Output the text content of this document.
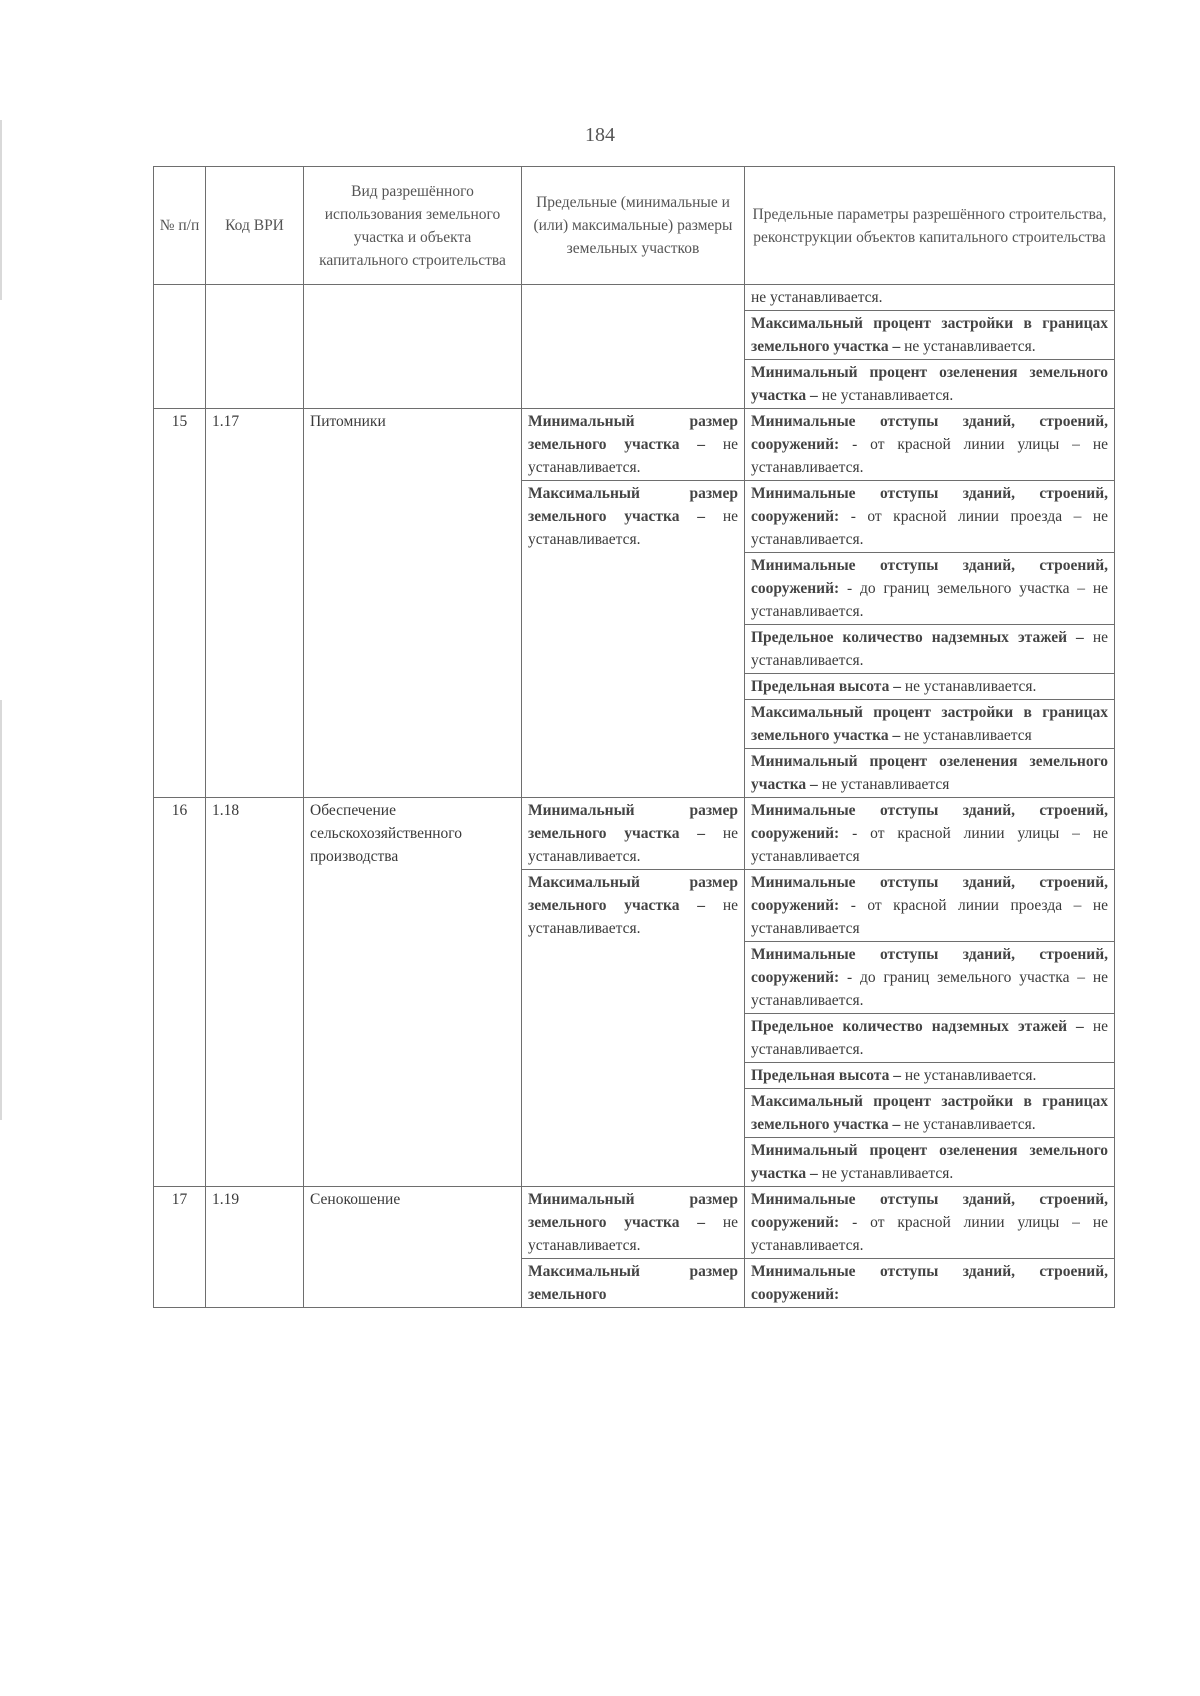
184
№ п/п	Код ВРИ	Вид разрешённого использования земельного участка и объекта капитального строительства	Предельные (минимальные и (или) максимальные) размеры земельных участков	Предельные параметры разрешённого строительства, реконструкции объектов капитального строительства
				не устанавливается.
				Максимальный процент застройки в границах земельного участка – не устанавливается.
				Минимальный процент озеленения земельного участка – не устанавливается.
15	1.17	Питомники	Минимальный размер земельного участка – не устанавливается.	Минимальные отступы зданий, строений, сооружений: - от красной линии улицы – не устанавливается.
			Максимальный размер земельного участка – не устанавливается.	Минимальные отступы зданий, строений, сооружений: - от красной линии проезда – не устанавливается.
				Минимальные отступы зданий, строений, сооружений: - до границ земельного участка – не устанавливается.
				Предельное количество надземных этажей – не устанавливается.
				Предельная высота – не устанавливается.
				Максимальный процент застройки в границах земельного участка – не устанавливается
				Минимальный процент озеленения земельного участка – не устанавливается
16	1.18	Обеспечение сельскохозяйственного производства	Минимальный размер земельного участка – не устанавливается.	Минимальные отступы зданий, строений, сооружений: - от красной линии улицы – не устанавливается
			Максимальный размер земельного участка – не устанавливается.	Минимальные отступы зданий, строений, сооружений: - от красной линии проезда – не устанавливается
				Минимальные отступы зданий, строений, сооружений: - до границ земельного участка – не устанавливается.
				Предельное количество надземных этажей – не устанавливается.
				Предельная высота – не устанавливается.
				Максимальный процент застройки в границах земельного участка – не устанавливается.
				Минимальный процент озеленения земельного участка – не устанавливается.
17	1.19	Сенокошение	Минимальный размер земельного участка – не устанавливается.	Минимальные отступы зданий, строений, сооружений: - от красной линии улицы – не устанавливается.
			Максимальный размер земельного	Минимальные отступы зданий, строений, сооружений:
